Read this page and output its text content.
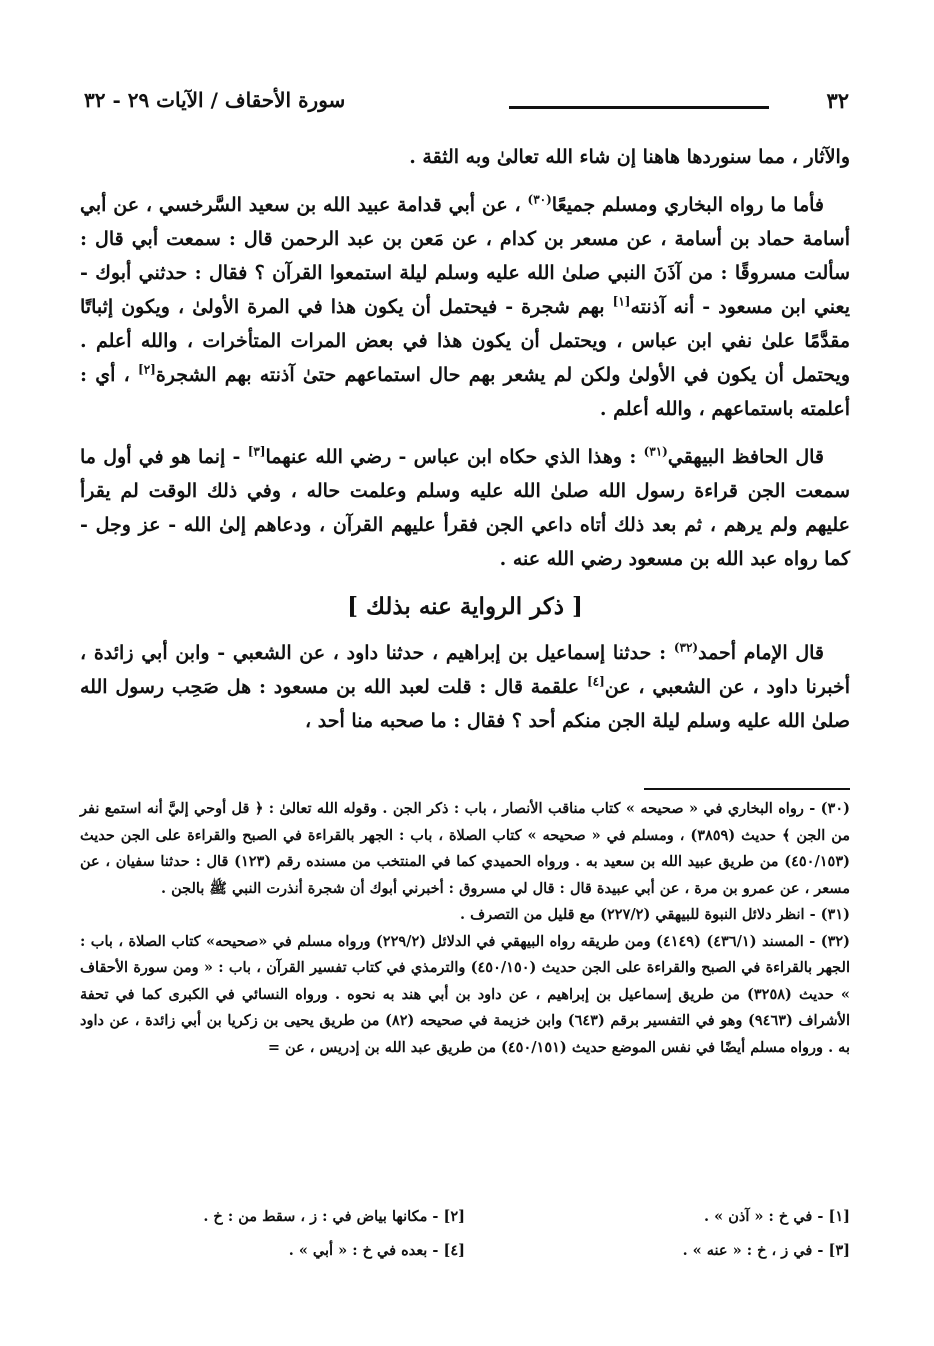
٣٢
سورة الأحقاف / الآيات ٢٩ - ٣٢

والآثار ، مما سنوردها هاهنا إن شاء الله تعالىٰ وبه الثقة .

فأما ما رواه البخاري ومسلم جميعًا$^{(٣٠)}$ ، عن أبي قدامة عبيد الله بن سعيد السَّرخسي ، عن أبي أسامة حماد بن أسامة ، عن مسعر بن كدام ، عن مَعن بن عبد الرحمن قال : سمعت أبي قال : سألت مسروقًا : من آذَنَ النبي صلىٰ الله عليه وسلم ليلة استمعوا القرآن ؟ فقال : حدثني أبوك - يعني ابن مسعود - أنه آذنته[١] بهم شجرة - فيحتمل أن يكون هذا في المرة الأولىٰ ، ويكون إثباتًا مقدَّمًا علىٰ نفي ابن عباس ، ويحتمل أن يكون هذا في بعض المرات المتأخرات ، والله أعلم . ويحتمل أن يكون في الأولىٰ ولكن لم يشعر بهم حال استماعهم حتىٰ آذنته بهم الشجرة[٢] ، أي : أعلمته باستماعهم ، والله أعلم .

قال الحافظ البيهقي$^{(٣١)}$ : وهذا الذي حكاه ابن عباس - رضي الله عنهما[٣] - إنما هو في أول ما سمعت الجن قراءة رسول الله صلىٰ الله عليه وسلم وعلمت حاله ، وفي ذلك الوقت لم يقرأ عليهم ولم يرهم ، ثم بعد ذلك أتاه داعي الجن فقرأ عليهم القرآن ، ودعاهم إلىٰ الله - عز وجل - كما رواه عبد الله بن مسعود رضي الله عنه .

[ ذكر الرواية عنه بذلك ]

قال الإمام أحمد$^{(٣٢)}$ : حدثنا إسماعيل بن إبراهيم ، حدثنا داود ، عن الشعبي - وابن أبي زائدة ، أخبرنا داود ، عن الشعبي ، عن[٤] علقمة قال : قلت لعبد الله بن مسعود : هل صَحِب رسول الله صلىٰ الله عليه وسلم ليلة الجن منكم أحد ؟ فقال : ما صحبه منا أحد ،

(٣٠) - رواه البخاري في « صحيحه » كتاب مناقب الأنصار ، باب : ذكر الجن . وقوله الله تعالىٰ : ﴿ قل أوحي إليَّ أنه استمع نفر من الجن ﴾ حديث (٣٨٥٩) ، ومسلم في « صحيحه » كتاب الصلاة ، باب : الجهر بالقراءة في الصبح والقراءة على الجن حديث (٤٥٠/١٥٣) من طريق عبيد الله بن سعيد به . ورواه الحميدي كما في المنتخب من مسنده رقم (١٢٣) قال : حدثنا سفيان ، عن مسعر ، عن عمرو بن مرة ، عن أبي عبيدة قال : قال لي مسروق : أخبرني أبوك أن شجرة أنذرت النبي ﷺ بالجن .

(٣١) - انظر دلائل النبوة للبيهقي (٢٢٧/٢) مع قليل من التصرف .

(٣٢) - المسند (٤٣٦/١) (٤١٤٩) ومن طريقه رواه البيهقي في الدلائل (٢٢٩/٢) ورواه مسلم في «صحيحه» كتاب الصلاة ، باب : الجهر بالقراءة في الصبح والقراءة على الجن حديث (٤٥٠/١٥٠) والترمذي في كتاب تفسير القرآن ، باب : « ومن سورة الأحقاف » حديث (٣٢٥٨) من طريق إسماعيل بن إبراهيم ، عن داود بن أبي هند به نحوه . ورواه النسائي في الكبرى كما في تحفة الأشراف (٩٤٦٣) وهو في التفسير برقم (٦٤٣) وابن خزيمة في صحيحه (٨٢) من طريق يحيى بن زكريا بن أبي زائدة ، عن داود به . ورواه مسلم أيضًا في نفس الموضع حديث (٤٥٠/١٥١) من طريق عبد الله بن إدريس ، عن =

[١] - في خ : « آذن » .

[٣] - في ز ، خ : « عنه » .

[٢] - مكانها بياض في : ز ، سقط من : خ .

[٤] - بعده في خ : « أبي » .
